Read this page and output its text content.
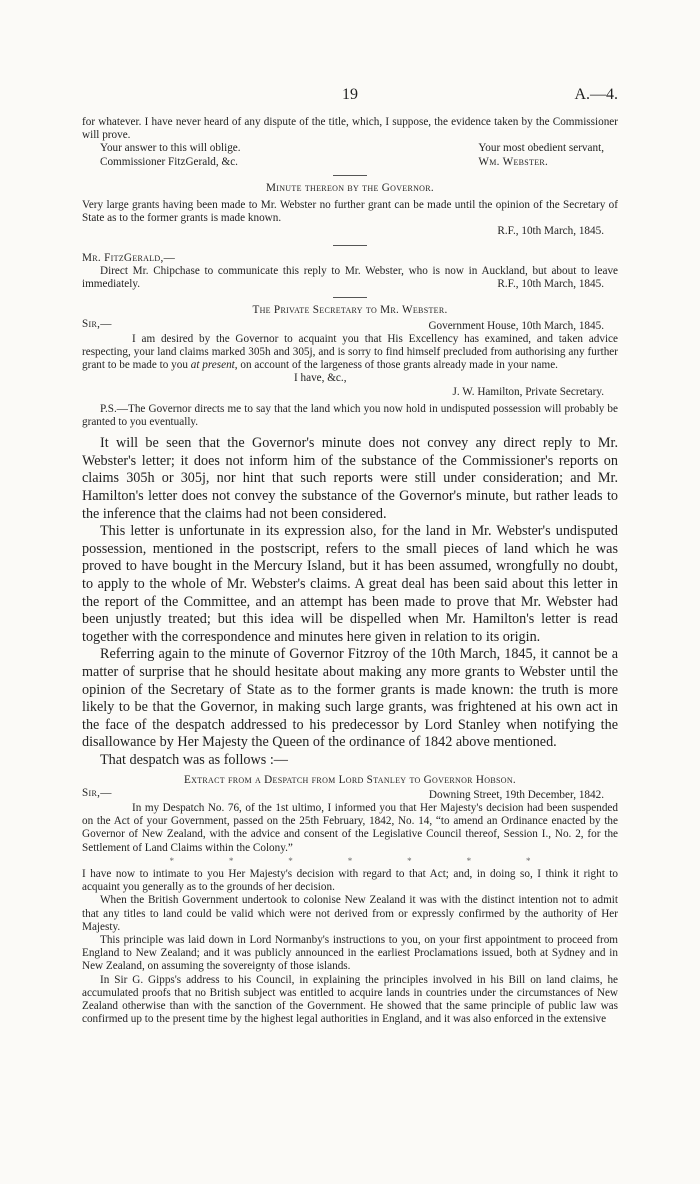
19	A.—4.

for whatever. I have never heard of any dispute of the title, which, I suppose, the evidence taken by the Commissioner will prove.

Your answer to this will oblige.
Commissioner FitzGerald, &c.
Your most obedient servant,
Wm. Webster.
Minute thereon by the Governor.

Very large grants having been made to Mr. Webster no further grant can be made until the opinion of the Secretary of State as to the former grants is made known.

R.F., 10th March, 1845.
Mr. FitzGerald,—

Direct Mr. Chipchase to communicate this reply to Mr. Webster, who is now in Auckland, but about to leave immediately.	R.F., 10th March, 1845.
The Private Secretary to Mr. Webster.
Sir,—	Government House, 10th March, 1845.

I am desired by the Governor to acquaint you that His Excellency has examined, and taken advice respecting, your land claims marked 305h and 305j, and is sorry to find himself precluded from authorising any further grant to be made to you at present, on account of the largeness of those grants already made in your name.

I have, &c.,
J. W. Hamilton, Private Secretary.

P.S.—The Governor directs me to say that the land which you now hold in undisputed possession will probably be granted to you eventually.

It will be seen that the Governor's minute does not convey any direct reply to Mr. Webster's letter; it does not inform him of the substance of the Commissioner's reports on claims 305h or 305j, nor hint that such reports were still under consideration; and Mr. Hamilton's letter does not convey the substance of the Governor's minute, but rather leads to the inference that the claims had not been considered.

This letter is unfortunate in its expression also, for the land in Mr. Webster's undisputed possession, mentioned in the postscript, refers to the small pieces of land which he was proved to have bought in the Mercury Island, but it has been assumed, wrongfully no doubt, to apply to the whole of Mr. Webster's claims. A great deal has been said about this letter in the report of the Committee, and an attempt has been made to prove that Mr. Webster had been unjustly treated; but this idea will be dispelled when Mr. Hamilton's letter is read together with the correspondence and minutes here given in relation to its origin.

Referring again to the minute of Governor Fitzroy of the 10th March, 1845, it cannot be a matter of surprise that he should hesitate about making any more grants to Webster until the opinion of the Secretary of State as to the former grants is made known: the truth is more likely to be that the Governor, in making such large grants, was frightened at his own act in the face of the despatch addressed to his predecessor by Lord Stanley when notifying the disallowance by Her Majesty the Queen of the ordinance of 1842 above mentioned.

That despatch was as follows :—

Extract from a Despatch from Lord Stanley to Governor Hobson.
Sir,—	Downing Street, 19th December, 1842.

In my Despatch No. 76, of the 1st ultimo, I informed you that Her Majesty's decision had been suspended on the Act of your Government, passed on the 25th February, 1842, No. 14, “to amend an Ordinance enacted by the Governor of New Zealand, with the advice and consent of the Legislative Council thereof, Session I., No. 2, for the Settlement of Land Claims within the Colony.”

*	*	*	*	*	*	*

I have now to intimate to you Her Majesty's decision with regard to that Act; and, in doing so, I think it right to acquaint you generally as to the grounds of her decision.

When the British Government undertook to colonise New Zealand it was with the distinct intention not to admit that any titles to land could be valid which were not derived from or expressly confirmed by the authority of Her Majesty.

This principle was laid down in Lord Normanby's instructions to you, on your first appointment to proceed from England to New Zealand; and it was publicly announced in the earliest Proclamations issued, both at Sydney and in New Zealand, on assuming the sovereignty of those islands.

In Sir G. Gipps's address to his Council, in explaining the principles involved in his Bill on land claims, he accumulated proofs that no British subject was entitled to acquire lands in countries under the circumstances of New Zealand otherwise than with the sanction of the Government. He showed that the same principle of public law was confirmed up to the present time by the highest legal authorities in England, and it was also enforced in the extensive
